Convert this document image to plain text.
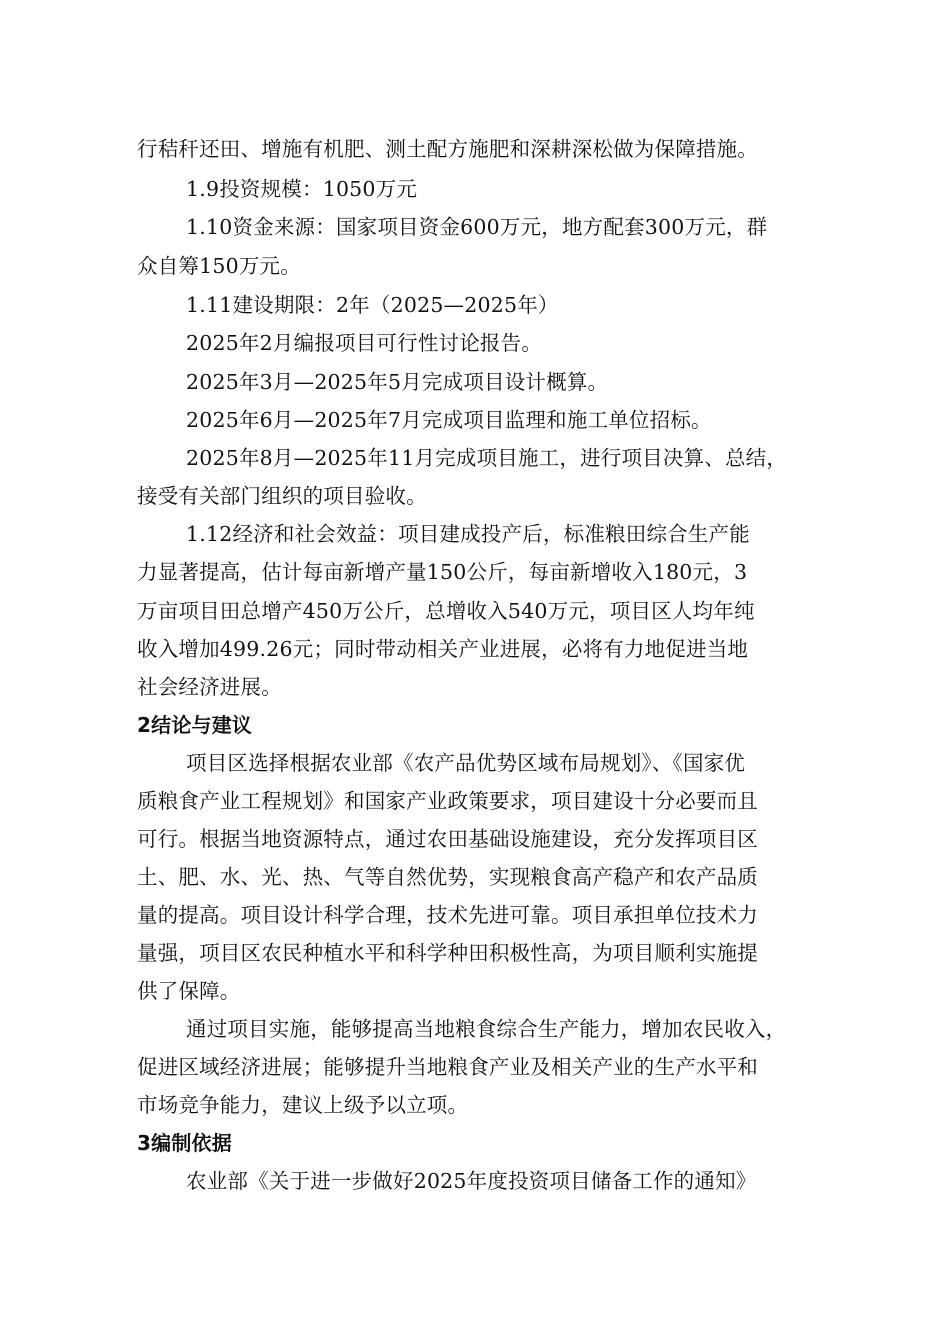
行秸秆还田、增施有机肥、测土配方施肥和深耕深松做为保障措施。
1.9投资规模：1050万元
1.10资金来源：国家项目资金600万元，地方配套300万元，群
众自筹150万元。
1.11建设期限：2年（2025—2025年）
2025年2月编报项目可行性讨论报告。
2025年3月—2025年5月完成项目设计概算。
2025年6月—2025年7月完成项目监理和施工单位招标。
2025年8月—2025年11月完成项目施工，进行项目决算、总结，
接受有关部门组织的项目验收。
1.12经济和社会效益：项目建成投产后，标准粮田综合生产能
力显著提高，估计每亩新增产量150公斤，每亩新增收入180元，3
万亩项目田总增产450万公斤，总增收入540万元，项目区人均年纯
收入增加499.26元；同时带动相关产业进展，必将有力地促进当地
社会经济进展。
2结论与建议
项目区选择根据农业部《农产品优势区域布局规划》、《国家优
质粮食产业工程规划》和国家产业政策要求，项目建设十分必要而且
可行。根据当地资源特点，通过农田基础设施建设，充分发挥项目区
土、肥、水、光、热、气等自然优势，实现粮食高产稳产和农产品质
量的提高。项目设计科学合理，技术先进可靠。项目承担单位技术力
量强，项目区农民种植水平和科学种田积极性高，为项目顺利实施提
供了保障。
通过项目实施，能够提高当地粮食综合生产能力，增加农民收入，
促进区域经济进展；能够提升当地粮食产业及相关产业的生产水平和
市场竞争能力，建议上级予以立项。
3编制依据
农业部《关于进一步做好2025年度投资项目储备工作的通知》
